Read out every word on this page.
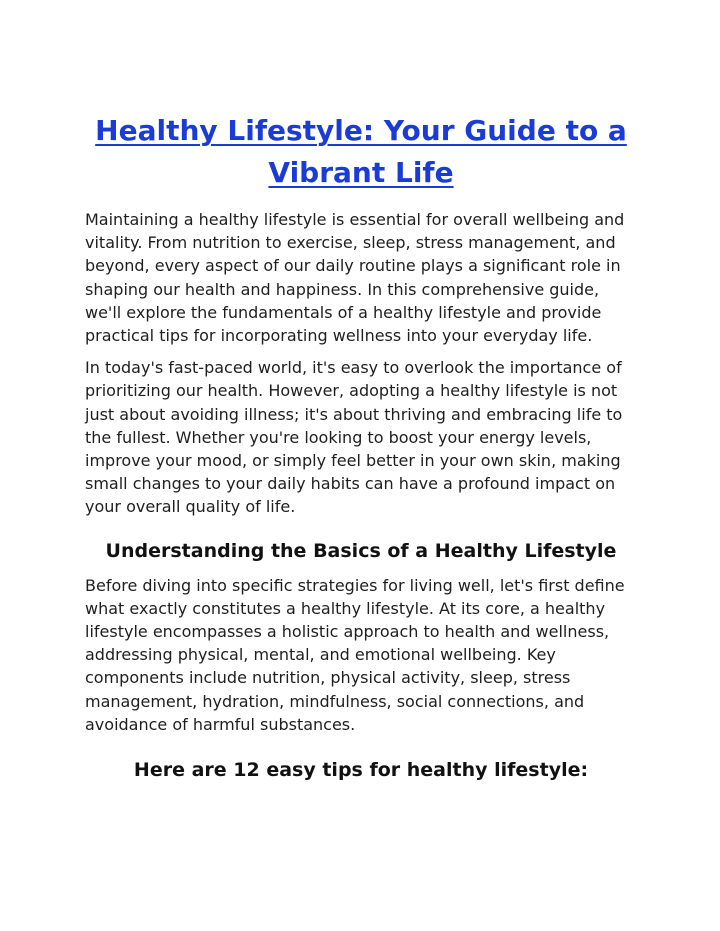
Healthy Lifestyle: Your Guide to a Vibrant Life

Maintaining a healthy lifestyle is essential for overall wellbeing and vitality. From nutrition to exercise, sleep, stress management, and beyond, every aspect of our daily routine plays a significant role in shaping our health and happiness. In this comprehensive guide, we'll explore the fundamentals of a healthy lifestyle and provide practical tips for incorporating wellness into your everyday life.

In today's fast-paced world, it's easy to overlook the importance of prioritizing our health. However, adopting a healthy lifestyle is not just about avoiding illness; it's about thriving and embracing life to the fullest. Whether you're looking to boost your energy levels, improve your mood, or simply feel better in your own skin, making small changes to your daily habits can have a profound impact on your overall quality of life.

Understanding the Basics of a Healthy Lifestyle

Before diving into specific strategies for living well, let's first define what exactly constitutes a healthy lifestyle. At its core, a healthy lifestyle encompasses a holistic approach to health and wellness, addressing physical, mental, and emotional wellbeing. Key components include nutrition, physical activity, sleep, stress management, hydration, mindfulness, social connections, and avoidance of harmful substances.

Here are 12 easy tips for healthy lifestyle:
